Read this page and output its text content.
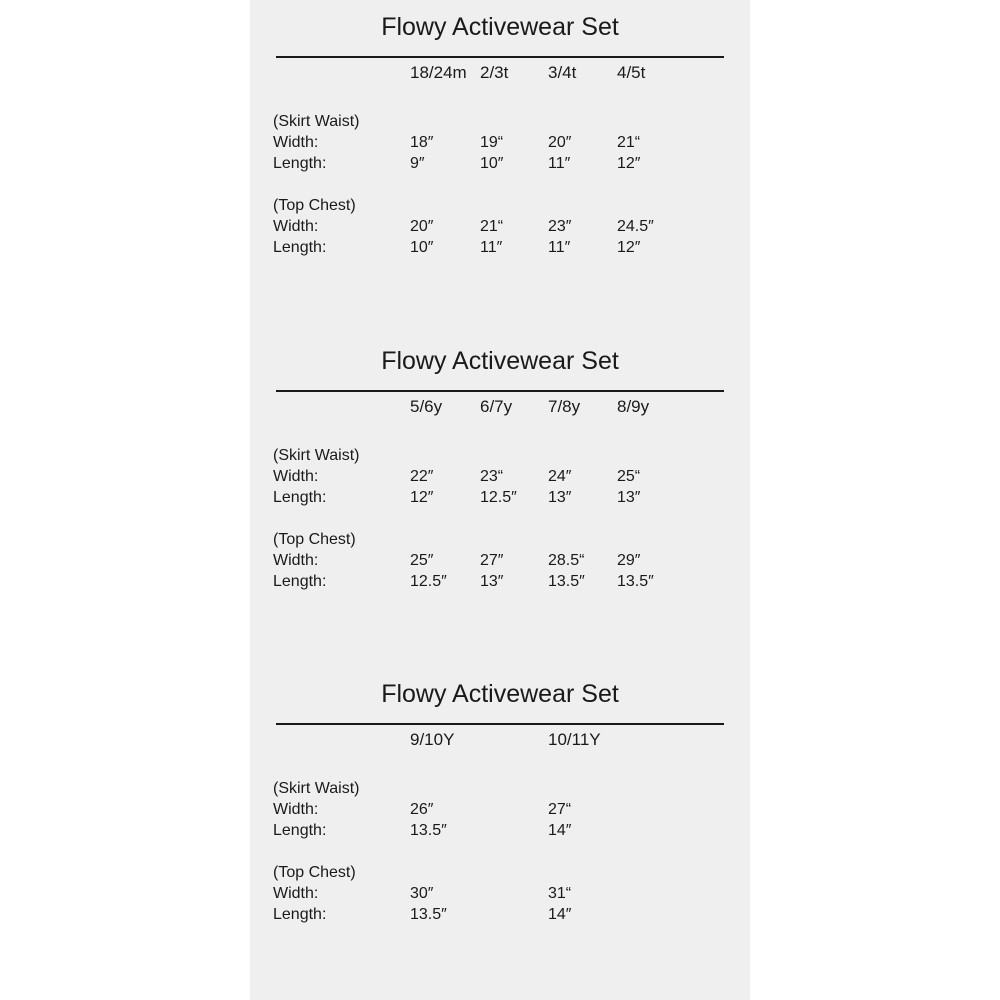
Flowy Activewear Set
18/24m 2/3t 3/4t 4/5t
(Skirt Waist)
Width:	18″	19“	20″	21“
Length:	9″	10″	11″	12″
(Top Chest)
Width:	20″	21“	23″	24.5″
Length:	10″	11″	11″	12″
Flowy Activewear Set
5/6y 6/7y 7/8y 8/9y
(Skirt Waist)
Width:	22″	23“	24″	25“
Length:	12″	12.5″ 13″	13″
(Top Chest)
Width:	25″	27″	28.5“ 29″
Length:	12.5″ 13″	13.5″ 13.5″
Flowy Activewear Set
9/10Y	10/11Y
(Skirt Waist)
Width:	26″	27“
Length:	13.5″	14″
(Top Chest)
Width:	30″	31“
Length:	13.5″	14″
